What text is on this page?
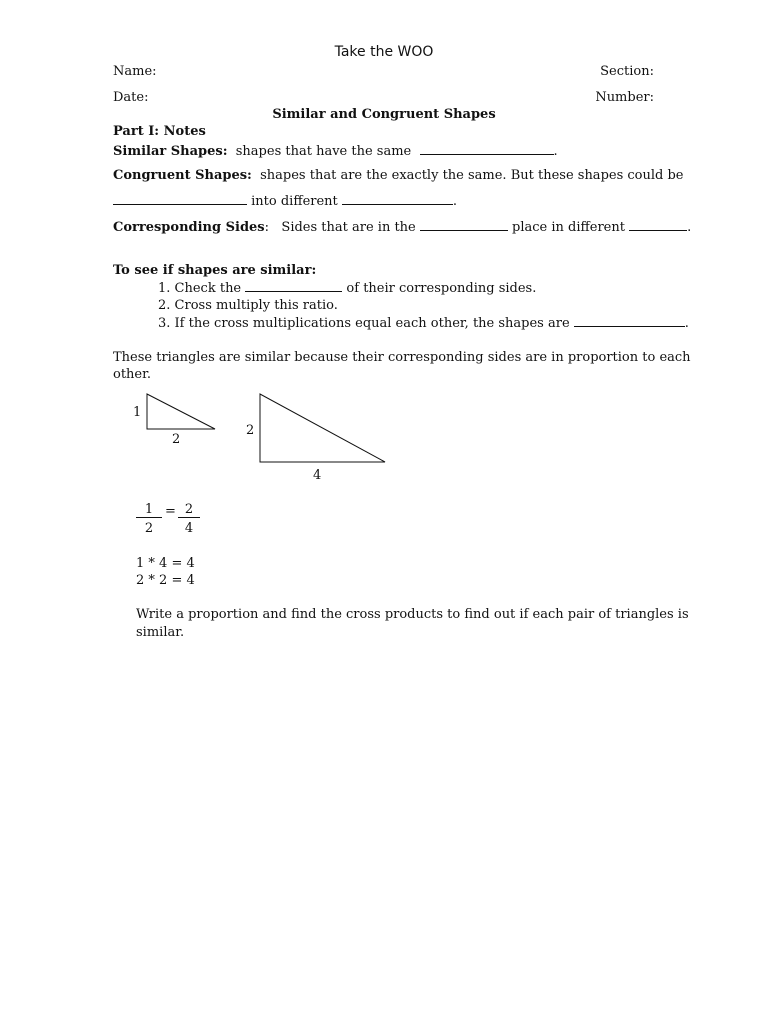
Take the WOO
Name:	Section:
Date:	Number:
Similar and Congruent Shapes
Part I: Notes
Similar Shapes: shapes that have the same	.
Congruent Shapes: shapes that are the exactly the same. But these shapes could be
into different	.
Corresponding Sides: Sides that are in the	place in different	.
To see if shapes are similar:
1. Check the	of their corresponding sides.
2. Cross multiply this ratio.
3. If the cross multiplications equal each other, the shapes are	.
These triangles are similar because their corresponding sides are in proportion to each
other.
1
2
2
4
1
2
= 2
4
1 * 4 = 4
2 * 2 = 4
Write a proportion and find the cross products to find out if each pair of triangles is
similar.
